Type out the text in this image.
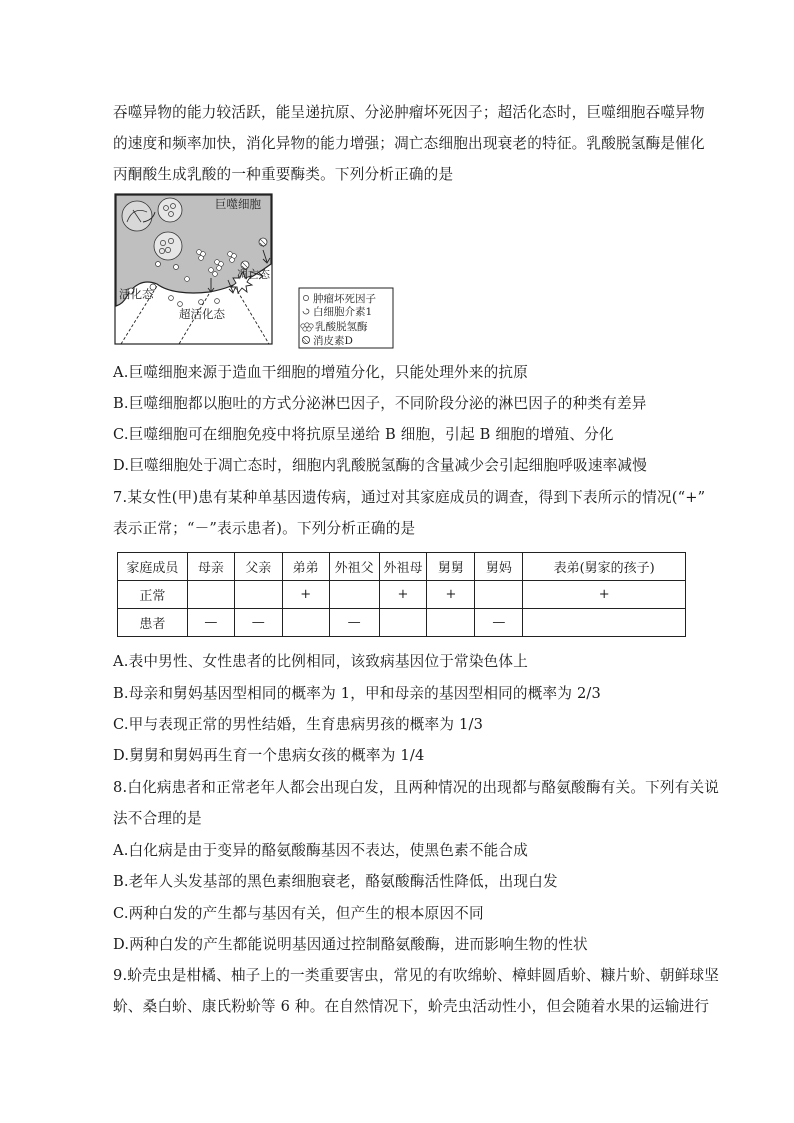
吞噬异物的能力较活跃，能呈递抗原、分泌肿瘤坏死因子；超活化态时，巨噬细胞吞噬异物
的速度和频率加快，消化异物的能力增强；凋亡态细胞出现衰老的特征。乳酸脱氢酶是催化
丙酮酸生成乳酸的一种重要酶类。下列分析正确的是
巨噬细胞
活化态
超活化态
凋亡态
肿瘤坏死因子
白细胞介素1
乳酸脱氢酶
消皮素D
A.巨噬细胞来源于造血干细胞的增殖分化，只能处理外来的抗原
B.巨噬细胞都以胞吐的方式分泌淋巴因子，不同阶段分泌的淋巴因子的种类有差异
C.巨噬细胞可在细胞免疫中将抗原呈递给 B 细胞，引起 B 细胞的增殖、分化
D.巨噬细胞处于凋亡态时，细胞内乳酸脱氢酶的含量减少会引起细胞呼吸速率减慢
7.某女性(甲)患有某种单基因遗传病，通过对其家庭成员的调查，得到下表所示的情况(“+”
表示正常；“－”表示患者)。下列分析正确的是
家庭成员	母亲	父亲	弟弟	外祖父	外祖母	舅舅	舅妈	表弟(舅家的孩子)
正常			+		+	+		+
患者	—	—		—			—	
A.表中男性、女性患者的比例相同，该致病基因位于常染色体上
B.母亲和舅妈基因型相同的概率为 1，甲和母亲的基因型相同的概率为 2/3
C.甲与表现正常的男性结婚，生育患病男孩的概率为 1/3
D.舅舅和舅妈再生育一个患病女孩的概率为 1/4
8.白化病患者和正常老年人都会出现白发，且两种情况的出现都与酪氨酸酶有关。下列有关说
法不合理的是
A.白化病是由于变异的酪氨酸酶基因不表达，使黑色素不能合成
B.老年人头发基部的黑色素细胞衰老，酪氨酸酶活性降低，出现白发
C.两种白发的产生都与基因有关，但产生的根本原因不同
D.两种白发的产生都能说明基因通过控制酪氨酸酶，进而影响生物的性状
9.蚧壳虫是柑橘、柚子上的一类重要害虫，常见的有吹绵蚧、樟蚌圆盾蚧、糠片蚧、朝鲜球坚
蚧、桑白蚧、康氏粉蚧等 6 种。在自然情况下，蚧壳虫活动性小，但会随着水果的运输进行
